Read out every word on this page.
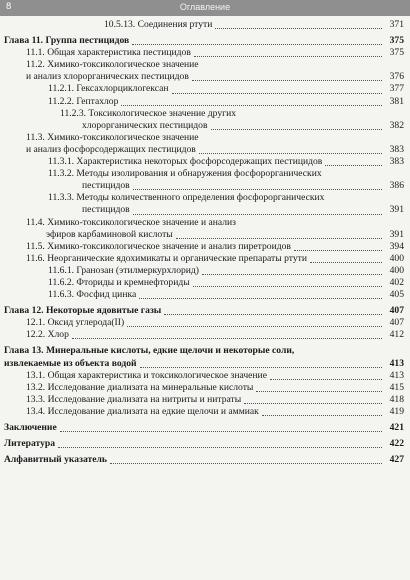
8	Оглавление
10.5.13. Соединения ртути	371
Глава 11. Группа пестицидов	375
11.1. Общая характеристика пестицидов	375
11.2. Химико-токсикологическое значение
и анализ хлорорганических пестицидов	376
11.2.1. Гексахлорциклогексан	377
11.2.2. Гептахлор	381
11.2.3. Токсикологическое значение других
хлорорганических пестицидов	382
11.3. Химико-токсикологическое значение
и анализ фосфорсодержащих пестицидов	383
11.3.1. Характеристика некоторых фосфорсодержащих пестицидов	383
11.3.2. Методы изолирования и обнаружения фосфорорганических
пестицидов	386
11.3.3. Методы количественного определения фосфорорганических
пестицидов	391
11.4. Химико-токсикологическое значение и анализ
эфиров карбаминовой кислоты	391
11.5. Химико-токсикологическое значение и анализ пиретроидов	394
11.6. Неорганические ядохимикаты и органические препараты ртути	400
11.6.1. Гранозан (этилмеркурхлорид)	400
11.6.2. Фториды и кремнефториды	402
11.6.3. Фосфид цинка	405
Глава 12. Некоторые ядовитые газы	407
12.1. Оксид углерода(II)	407
12.2. Хлор	412
Глава 13. Минеральные кислоты, едкие щелочи и некоторые соли,
извлекаемые из объекта водой	413
13.1. Общая характеристика и токсикологическое значение	413
13.2. Исследование диализата на минеральные кислоты	415
13.3. Исследование диализата на нитриты и нитраты	418
13.4. Исследование диализата на едкие щелочи и аммиак	419
Заключение	421
Литература	422
Алфавитный указатель	427
